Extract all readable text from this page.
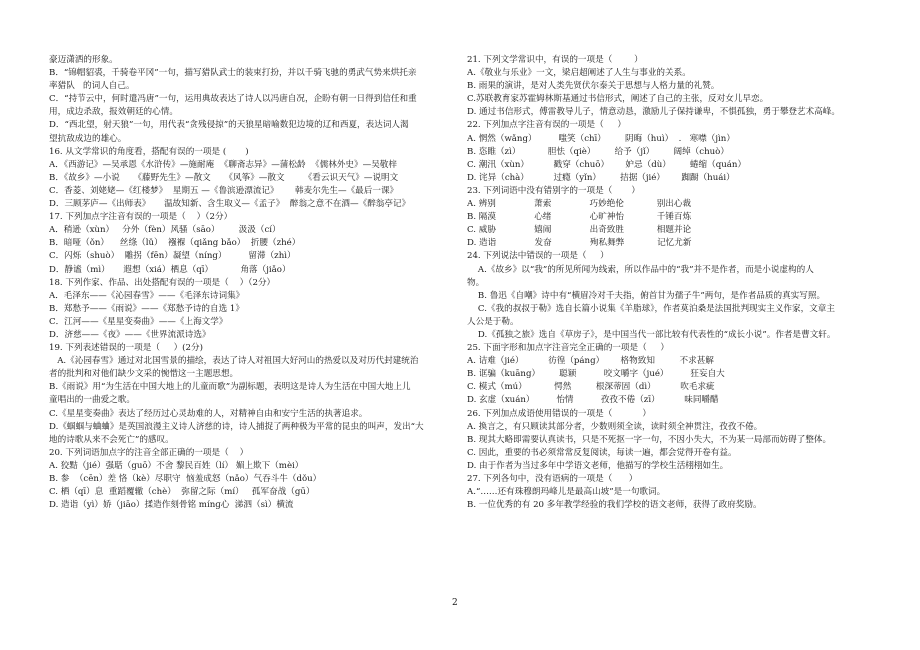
豪迈潇洒的形象。
B．“锦帽貂裘，千骑卷平冈”一句，描写猎队武士的装束打扮，并以千骑飞驰的勇武气势来烘托亲
率猎队   的词人自己。
C．“持节云中，何时遣冯唐”一句，运用典故表达了诗人以冯唐自况，企盼有朝一日得到信任和重
用，成边杀敌，报效朝廷的心情。
D．“西北望，射天狼”一句，用代表“贪残侵掠”的天狼星暗喻数犯边境的辽和西夏，表达词人渴
望抗敌成边的雄心。
16. 从文学常识的角度看，搭配有误的一项是 (       )
A．《西游记》—吴承恩《水浒传》—施耐庵  《聊斋志异》—蒲松龄  《儒林外史》—吴敬梓
B．《故乡》—小说     《藤野先生》—散文     《风筝》—散文       《看云识天气》—说明文
C．香菱、刘姥姥—《红楼梦》  星期五 —《鲁滨逊漂流记》      韩麦尔先生—《最后一课》
D．三顾茅庐—《出师表》     温故知新、含生取义—《孟子》  醉翁之意不在酒—《醉翁亭记》
17. 下列加点字注音有误的一项是（    ）（2分）
A．稍逊（xùn）   分外（fèn）风骚（sāo）       汲汲（cí）
B．暗哑（ǒn）    丝绦（lǔ）  襁褓（qiǎng bǎo）  折腰（zhé）
C．闪烁（shuò）  雕拐（fēn）凝望（níng）        留滞（zhì）
D．静谧（mì）     遐想（xiá）栖息（qī）          角落（jiǎo）
18. 下列作家、作品、出处搭配有误的一项是（    ）（2分）
A．毛泽东——《沁园春雪》——《毛泽东诗词集》
B．郑愁予——《雨说》——《郑愁予诗的自选 1》
C．江河——《星星变奏曲》——《上海文学》
D．济慈——《夜》——《世界流派诗选》
19. 下列表述错误的一项是（     ）(2分)
A.《沁园春雪》通过对北国雪景的描绘，表达了诗人对祖国大好河山的热爱以及对历代封建统治
者的批判和对他们缺少文采的惋惜这一主题思想。
B.《雨说》用“为生活在中国大地上的儿童而歌”为副标题，表明这是诗人为生活在中国大地上儿
童唱出的一曲爱之歌。
C.《星星变奏曲》表达了经历过心灵劫难的人，对精神自由和安宁生活的执著追求。
D.《蝈蝈与蛐蛐》是英国浪漫主义诗人济慈的诗，诗人捕捉了两种极为平常的昆虫的叫声，发出“大
地的诗歌从来不会死亡”的感叹。
20. 下列词语加点字的注音全部正确的一项是（    ）
A. 狡黠（jié）强聒（guō）不舍 黎民百姓（lí） 媚上欺下（mèi）
B. 参  （cēn）差 恪（kè）尽职守  恼羞成怒（nǎo）气吞斗牛（dǒu）
C. 栖（qī）息  重蹈覆辙（chè）  弥留之际（mí）   孤军奋战（gū）
D. 造诣（yì）娇（jiāo）揉造作刻骨铭 mínɡ心  涕泗（sì）横流
21. 下列文学常识中，有误的一项是（        ）
A.《敬业与乐业》一文，梁启超阐述了人生与事业的关系。
B. 雨果的演讲，是对人类先贤伏尔泰关于思想与人格力量的礼赞。
C.苏联教育家苏霍姆林斯基通过书信形式，阐述了自己的主张，反对女儿早恋。
D. 通过书信形式，傅雷教导儿子，情意动恳，激励儿子保持谦卑，不惧孤独，勇于攀登艺术高峰。
22. 下列加点字注音有误的一项是（     ）
A. 惘然（wǎng）        嗤笑（chī）       阴晦（huì）  .   寒噤（jìn）
B. 恣睢（zì）          胆怯（qiè）       给予（jǐ）       阔绰（chuò）
C. 潮汛（xùn）         戳穿（chuō）      妒忌（dù）       蜷缩（quán）
D. 诧异（chà）         过瘾（yǐn）       拮据（jié）      踟蹰（huái）
23. 下列词语中没有错别字的一项是（       ）
A. 辨别              萧索              巧妙绝伦            别出心裁
B. 隔漠              心绪              心旷神怡            千锤百炼
C. 威胁              嬉闹              出奇致胜            相题并论
D. 造诣              发奋              殉私舞弊            记忆尤新
24. 下列说法中错误的一项是（     ）
A.《故乡》以“我”的所见所闻为线索，所以作品中的“我”并不是作者，而是小说虚构的人
物。
B. 鲁迅《自嘲》诗中有“横眉冷对千夫指，俯首甘为孺子牛”两句，是作者品质的真实写照。
C.《我的叔叔于勒》选自长篇小说集《羊脂球》，作者莫泊桑是法国批判现实主义作家，文章主
人公是于勒。
D.《孤独之旅》选自《草房子》，是中国当代一部比较有代表性的“成长小说”。作者是曹文轩。
25. 下面字形和加点字注音完全正确的一项是（     ）
A. 诘难（jié）         彷徨（páng）      格物致知         不求甚解
B. 诓骗（kuāng）       聪颖          咬文嚼字（jué）        狂妄自大
C. 模式（mú）          愕然         根深蒂固（dì）         吹毛求疵
D. 玄虚（xuán）        怡情          孜孜不倦（zī）         味同嚼醋
26. 下列加点成语使用错误的一项是（           ）
A. 换言之，有只顾读其部分者，少数则须全读，读时须全神贯注，孜孜不倦。
B. 现其大略即需要认真读书，只是不死抠一字一句，不因小失大，不为某一局部而妨碍了整体。
C. 因此，重要的书必须常常反复阅读，每读一遍，都会觉得开卷有益。
D. 由于作者为当过多年中学语文老师，他描写的学校生活栩栩如生。
27. 下列各句中，没有语病的一项是（      ）
A.“……还有珠穆朗玛峰儿是最高山坡”是一句歌词。
B. 一位优秀的有 20 多年教学经验的我们学校的语文老师，获得了政府奖励。
2
